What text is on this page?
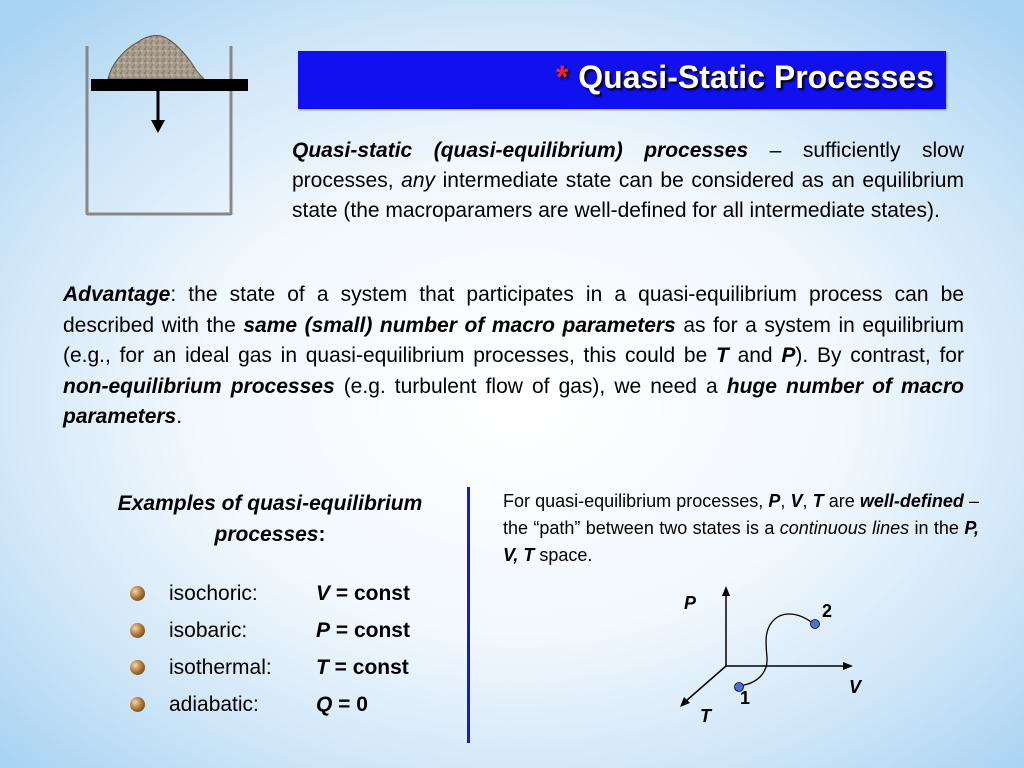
* Quasi-Static Processes
Quasi-static (quasi-equilibrium) processes – sufficiently slow processes, any intermediate state can be considered as an equilibrium state (the macroparamers are well-defined for all intermediate states).
Advantage: the state of a system that participates in a quasi-equilibrium process can be described with the same (small) number of macro parameters as for a system in equilibrium (e.g., for an ideal gas in quasi-equilibrium processes, this could be T and P). By contrast, for non-equilibrium processes (e.g. turbulent flow of gas), we need a huge number of macro parameters.
Examples of quasi-equilibrium processes:
isochoric:	V = const
isobaric:	P = const
isothermal: T = const
adiabatic:	Q = 0
For quasi-equilibrium processes, P, V, T are well-defined – the “path” between two states is a continuous lines in the P, V, T space.
P
V
T
1
2
